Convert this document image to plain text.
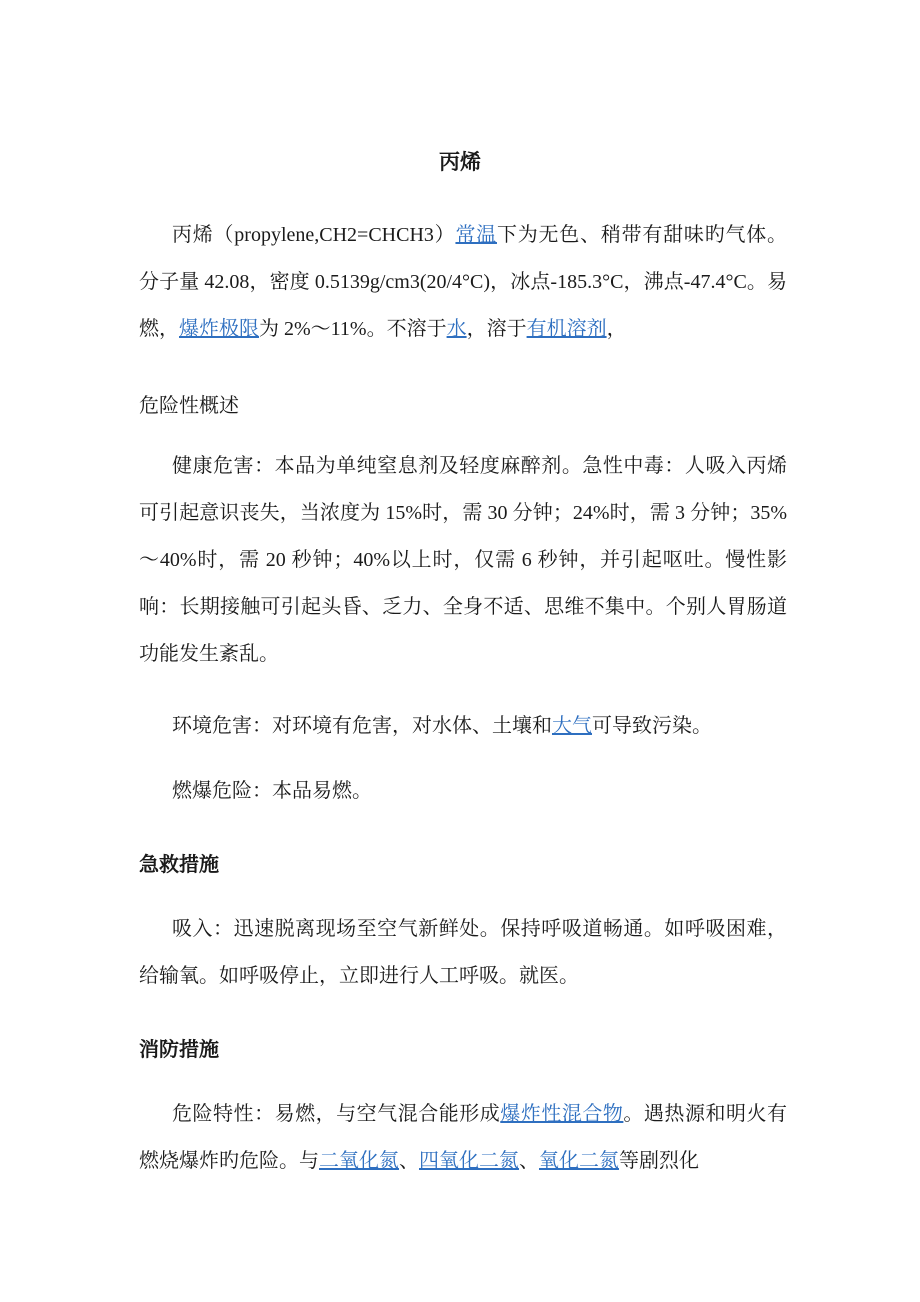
丙烯
丙烯（propylene,CH2=CHCH3）常温下为无色、稍带有甜味旳气体。分子量 42.08，密度 0.5139g/cm3(20/4°C)，冰点-185.3°C，沸点-47.4°C。易燃，爆炸极限为 2%～11%。不溶于水，溶于有机溶剂，
危险性概述
健康危害：本品为单纯窒息剂及轻度麻醉剂。急性中毒：人吸入丙烯可引起意识丧失，当浓度为 15%时，需 30 分钟；24%时，需 3 分钟；35%～40%时，需 20 秒钟；40%以上时，仅需 6 秒钟，并引起呕吐。慢性影响：长期接触可引起头昏、乏力、全身不适、思维不集中。个别人胃肠道功能发生紊乱。
环境危害：对环境有危害，对水体、土壤和大气可导致污染。
燃爆危险：本品易燃。
急救措施
吸入：迅速脱离现场至空气新鲜处。保持呼吸道畅通。如呼吸困难，给输氧。如呼吸停止，立即进行人工呼吸。就医。
消防措施
危险特性：易燃，与空气混合能形成爆炸性混合物。遇热源和明火有燃烧爆炸旳危险。与二氧化氮、四氧化二氮、氧化二氮等剧烈化
